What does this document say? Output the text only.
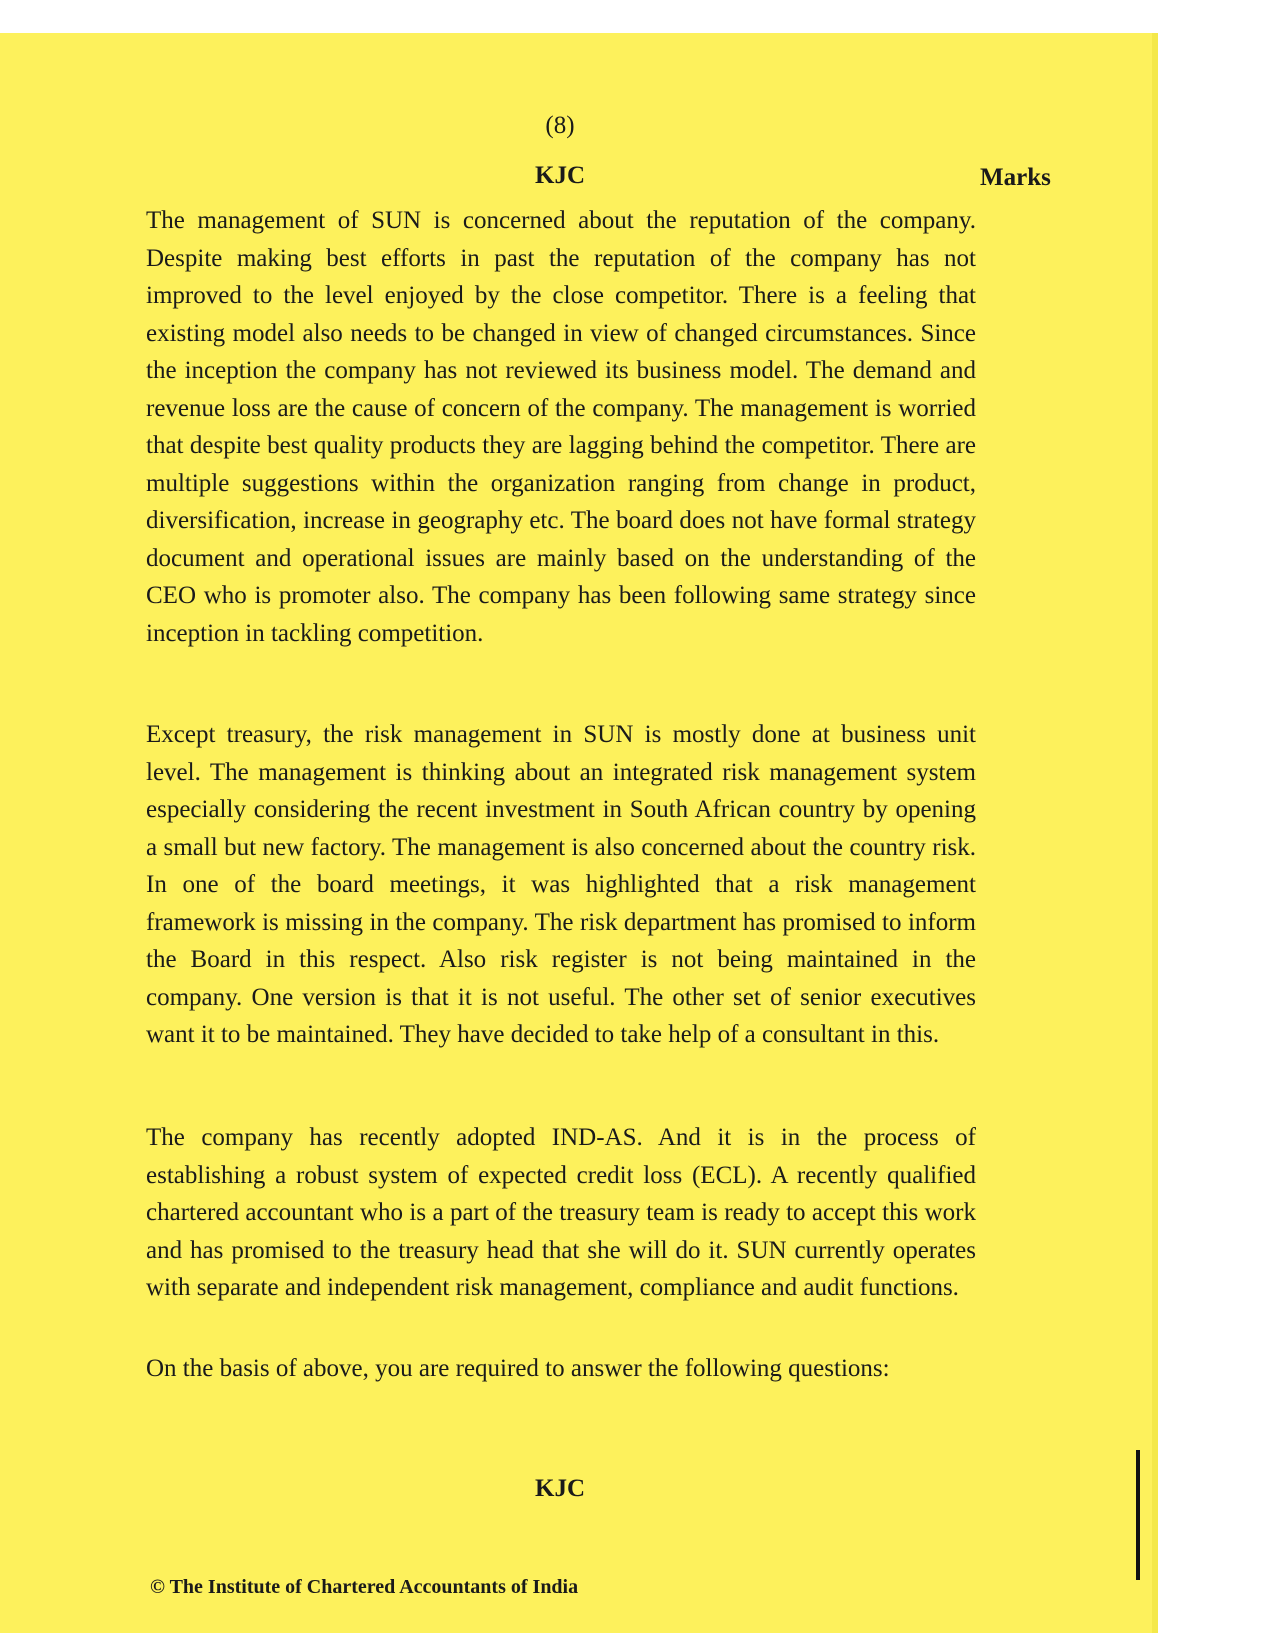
(8)
KJC	Marks

The management of SUN is concerned about the reputation of the company. Despite making best efforts in past the reputation of the company has not improved to the level enjoyed by the close competitor. There is a feeling that existing model also needs to be changed in view of changed circumstances. Since the inception the company has not reviewed its business model. The demand and revenue loss are the cause of concern of the company. The management is worried that despite best quality products they are lagging behind the competitor. There are multiple suggestions within the organization ranging from change in product, diversification, increase in geography etc. The board does not have formal strategy document and operational issues are mainly based on the understanding of the CEO who is promoter also. The company has been following same strategy since inception in tackling competition.

Except treasury, the risk management in SUN is mostly done at business unit level. The management is thinking about an integrated risk management system especially considering the recent investment in South African country by opening a small but new factory. The management is also concerned about the country risk. In one of the board meetings, it was highlighted that a risk management framework is missing in the company. The risk department has promised to inform the Board in this respect. Also risk register is not being maintained in the company. One version is that it is not useful. The other set of senior executives want it to be maintained. They have decided to take help of a consultant in this.

The company has recently adopted IND-AS. And it is in the process of establishing a robust system of expected credit loss (ECL). A recently qualified chartered accountant who is a part of the treasury team is ready to accept this work and has promised to the treasury head that she will do it. SUN currently operates with separate and independent risk management, compliance and audit functions.

On the basis of above, you are required to answer the following questions:

KJC
© The Institute of Chartered Accountants of India
